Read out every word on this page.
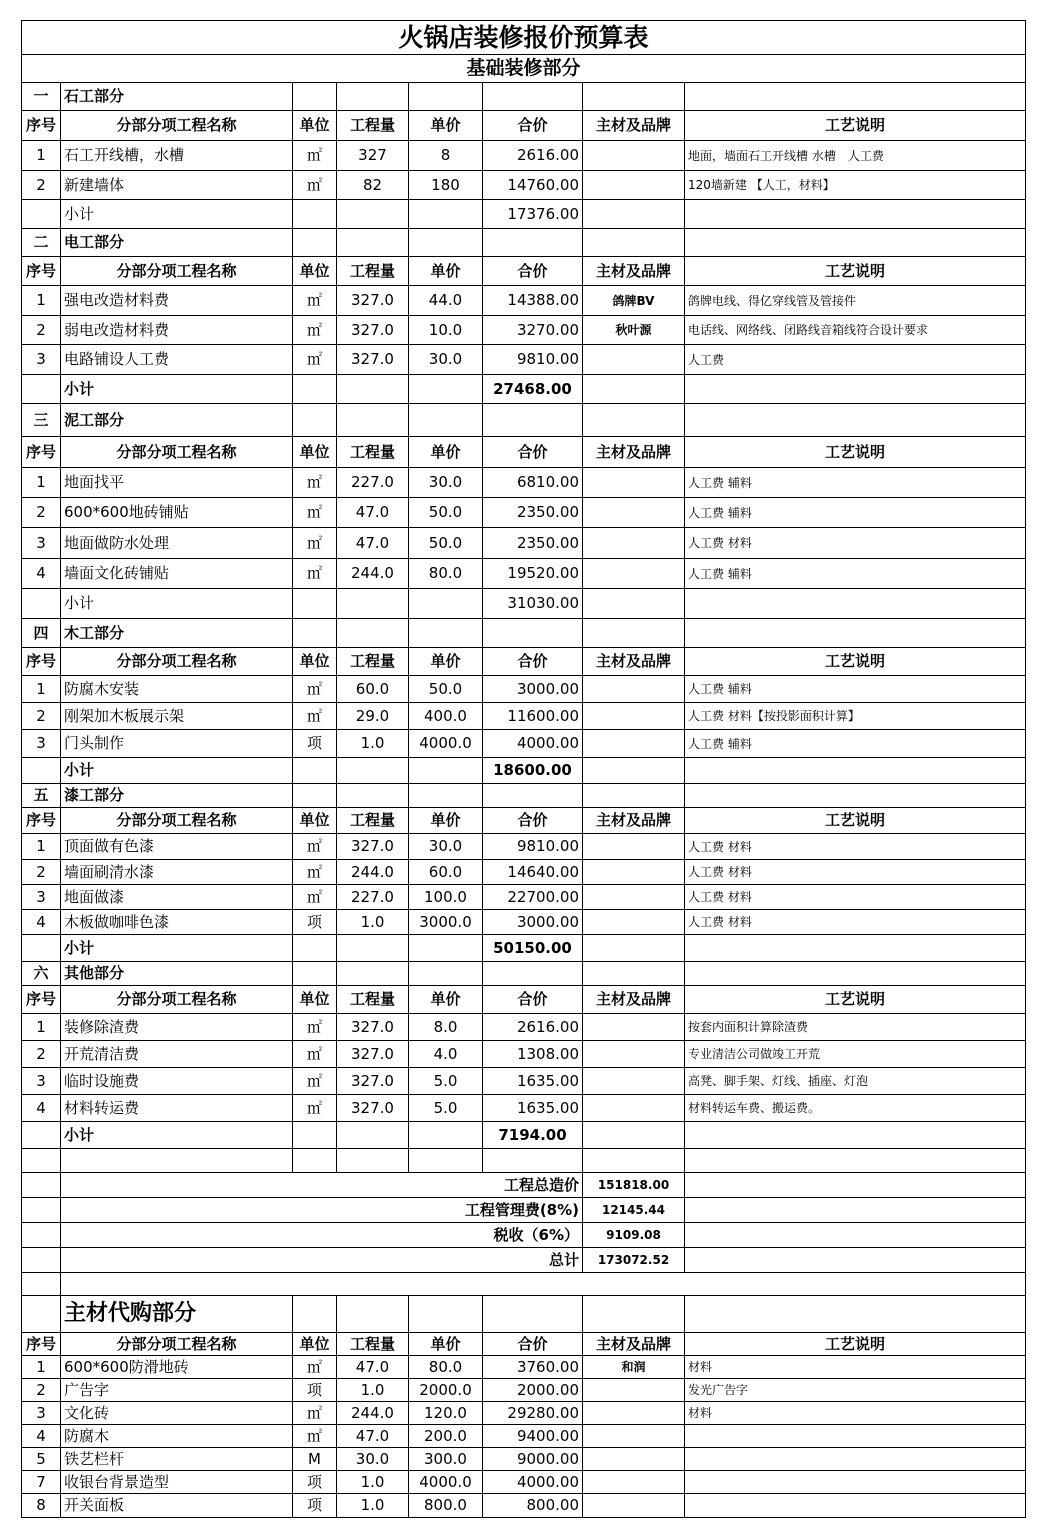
火锅店装修报价预算表							
基础装修部分							
一	石工部分						
序号	分部分项工程名称	单位	工程量	单价	合价	主材及品牌	工艺说明
1	石工开线槽，水槽	㎡	327	8	2616.00		地面，墙面石工开线槽 水槽　人工费
2	新建墙体	㎡	82	180	14760.00		120墙新建 【人工，材料】
	小计				17376.00		
二	电工部分						
序号	分部分项工程名称	单位	工程量	单价	合价	主材及品牌	工艺说明
1	强电改造材料费	㎡	327.0	44.0	14388.00	鸽牌BV	鸽牌电线、得亿穿线管及管接件
2	弱电改造材料费	㎡	327.0	10.0	3270.00	秋叶源	电话线、网络线、闭路线音箱线符合设计要求
3	电路铺设人工费	㎡	327.0	30.0	9810.00		人工费
	小计				27468.00		
三	泥工部分						
序号	分部分项工程名称	单位	工程量	单价	合价	主材及品牌	工艺说明
1	地面找平	㎡	227.0	30.0	6810.00		人工费 辅料
2	600*600地砖铺贴	㎡	47.0	50.0	2350.00		人工费 辅料
3	地面做防水处理	㎡	47.0	50.0	2350.00		人工费 材料
4	墙面文化砖铺贴	㎡	244.0	80.0	19520.00		人工费 辅料
	小计				31030.00		
四	木工部分						
序号	分部分项工程名称	单位	工程量	单价	合价	主材及品牌	工艺说明
1	防腐木安装	㎡	60.0	50.0	3000.00		人工费 辅料
2	刚架加木板展示架	㎡	29.0	400.0	11600.00		人工费 材料【按投影面积计算】
3	门头制作	项	1.0	4000.0	4000.00		人工费 辅料
	小计				18600.00		
五	漆工部分						
序号	分部分项工程名称	单位	工程量	单价	合价	主材及品牌	工艺说明
1	顶面做有色漆	㎡	327.0	30.0	9810.00		人工费 材料
2	墙面刷清水漆	㎡	244.0	60.0	14640.00		人工费 材料
3	地面做漆	㎡	227.0	100.0	22700.00		人工费 材料
4	木板做咖啡色漆	项	1.0	3000.0	3000.00		人工费 材料
	小计				50150.00		
六	其他部分						
序号	分部分项工程名称	单位	工程量	单价	合价	主材及品牌	工艺说明
1	装修除渣费	㎡	327.0	8.0	2616.00		按套内面积计算除渣费
2	开荒清洁费	㎡	327.0	4.0	1308.00		专业清洁公司做竣工开荒
3	临时设施费	㎡	327.0	5.0	1635.00		高凳、脚手架、灯线、插座、灯泡
4	材料转运费	㎡	327.0	5.0	1635.00		材料转运车费、搬运费。
	小计				7194.00		

	工程总造价					151818.00	
	工程管理费(8%)					12145.44	
	税收（6%）					9109.08	
	总计					173072.52	

	主材代购部分						
序号	分部分项工程名称	单位	工程量	单价	合价	主材及品牌	工艺说明
1	600*600防滑地砖	㎡	47.0	80.0	3760.00	和润	材料
2	广告字	项	1.0	2000.0	2000.00		发光广告字
3	文化砖	㎡	244.0	120.0	29280.00		材料
4	防腐木	㎡	47.0	200.0	9400.00		
5	铁艺栏杆	M	30.0	300.0	9000.00		
7	收银台背景造型	项	1.0	4000.0	4000.00		
8	开关面板	项	1.0	800.0	800.00		
